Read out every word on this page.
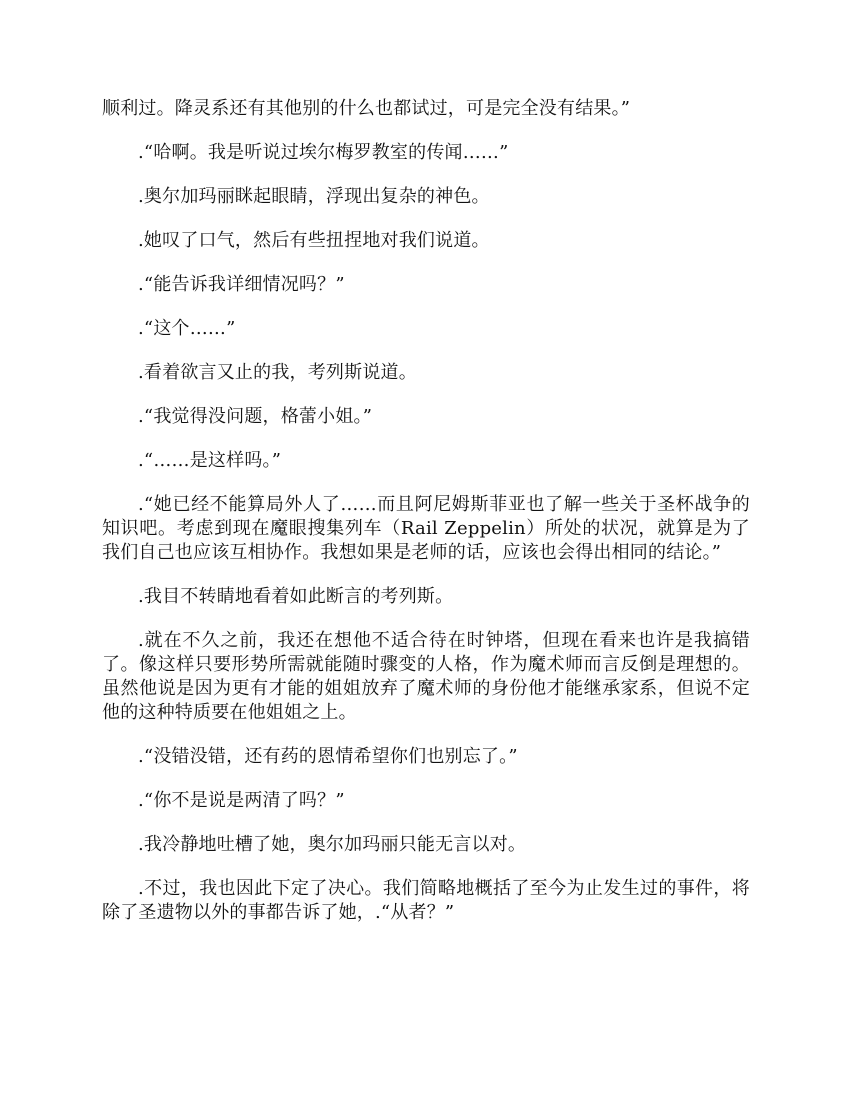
顺利过。降灵系还有其他别的什么也都试过，可是完全没有结果。”

.“哈啊。我是听说过埃尔梅罗教室的传闻……”

.奥尔加玛丽眯起眼睛，浮现出复杂的神色。

.她叹了口气，然后有些扭捏地对我们说道。

.“能告诉我详细情况吗？”

.“这个……”

.看着欲言又止的我，考列斯说道。

.“我觉得没问题，格蕾小姐。”

.“……是这样吗。”

.“她已经不能算局外人了……而且阿尼姆斯菲亚也了解一些关于圣杯战争的知识吧。考虑到现在魔眼搜集列车（Rail Zeppelin）所处的状况，就算是为了我们自己也应该互相协作。我想如果是老师的话，应该也会得出相同的结论。”

.我目不转睛地看着如此断言的考列斯。

.就在不久之前，我还在想他不适合待在时钟塔，但现在看来也许是我搞错了。像这样只要形势所需就能随时骤变的人格，作为魔术师而言反倒是理想的。虽然他说是因为更有才能的姐姐放弃了魔术师的身份他才能继承家系，但说不定他的这种特质要在他姐姐之上。

.“没错没错，还有药的恩情希望你们也别忘了。”

.“你不是说是两清了吗？”

.我冷静地吐槽了她，奥尔加玛丽只能无言以对。

.不过，我也因此下定了决心。我们简略地概括了至今为止发生过的事件，将除了圣遗物以外的事都告诉了她，.“从者？”
